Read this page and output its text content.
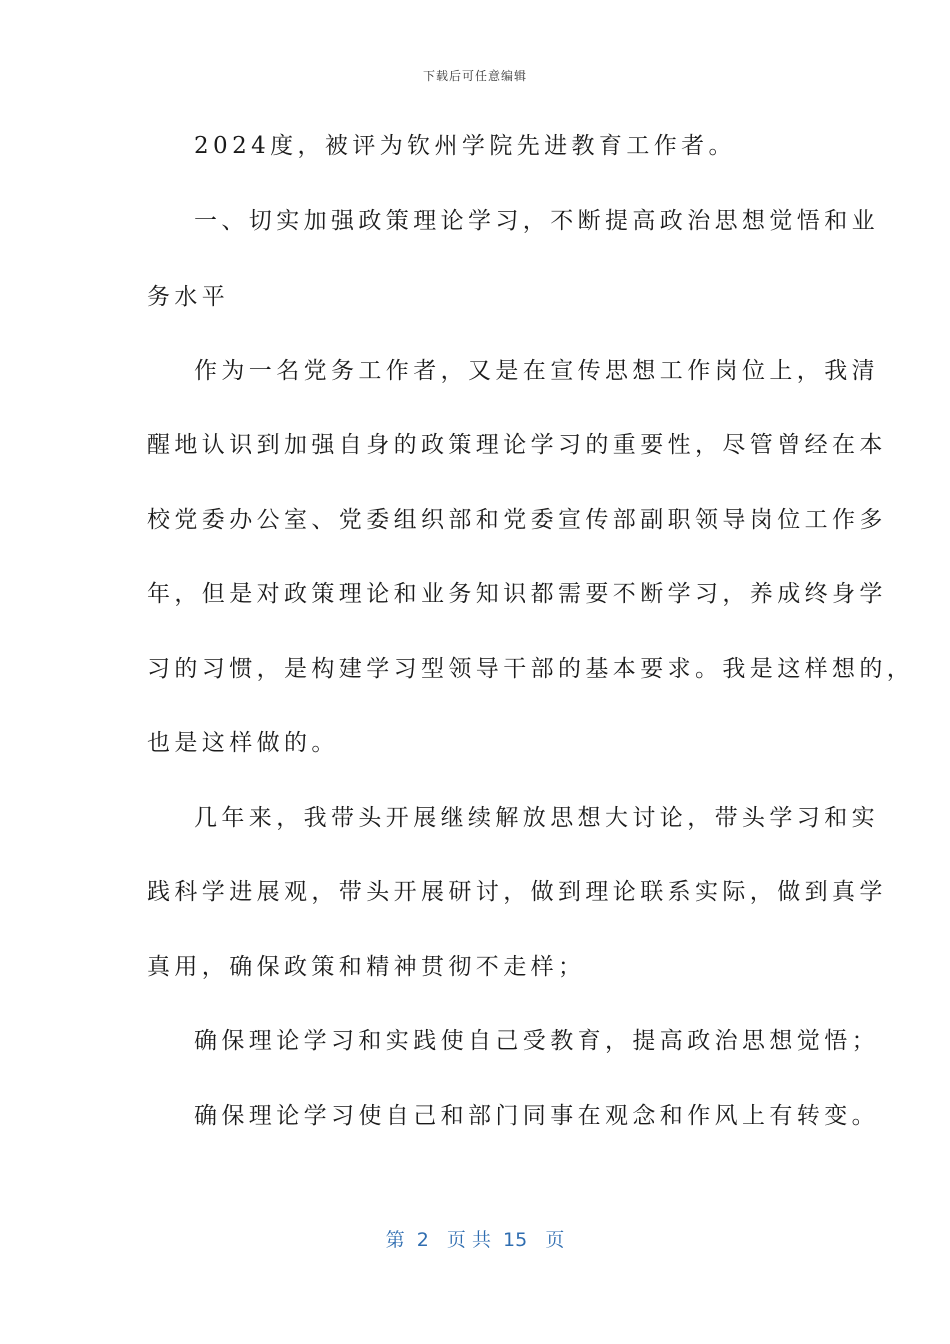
下载后可任意编辑
2024度，被评为钦州学院先进教育工作者。
一、切实加强政策理论学习，不断提高政治思想觉悟和业
务水平
作为一名党务工作者，又是在宣传思想工作岗位上，我清
醒地认识到加强自身的政策理论学习的重要性，尽管曾经在本
校党委办公室、党委组织部和党委宣传部副职领导岗位工作多
年，但是对政策理论和业务知识都需要不断学习，养成终身学
习的习惯，是构建学习型领导干部的基本要求。我是这样想的，
也是这样做的。
几年来，我带头开展继续解放思想大讨论，带头学习和实
践科学进展观，带头开展研讨，做到理论联系实际，做到真学
真用，确保政策和精神贯彻不走样；
确保理论学习和实践使自己受教育，提高政治思想觉悟；
确保理论学习使自己和部门同事在观念和作风上有转变。
第  2   页 共  15   页
